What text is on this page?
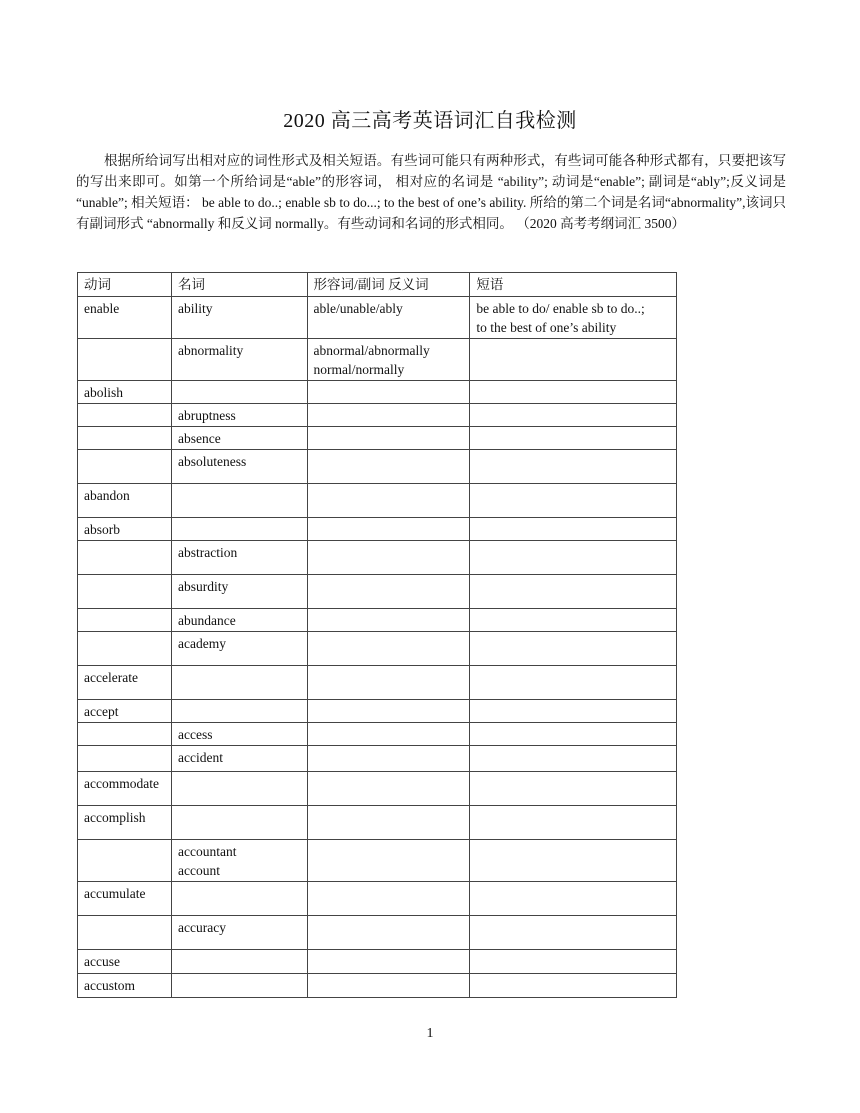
2020 高三高考英语词汇自我检测

根据所给词写出相对应的词性形式及相关短语。有些词可能只有两种形式，有些词可能各种形式都有，只要把该写的写出来即可。如第一个所给词是“able”的形容词， 相对应的名词是 “ability”; 动词是“enable”; 副词是“ably”;反义词是 “unable”; 相关短语： be able to do..; enable sb to do...; to the best of one’s ability. 所给的第二个词是名词“abnormality”,该词只有副词形式 “abnormally 和反义词 normally。有些动词和名词的形式相同。 （2020 高考考纲词汇 3500）

动词	名词	形容词/副词 反义词	短语

enable	ability	able/unable/ably	be able to do/ enable sb to do..;
to the best of one’s ability

	abnormality	abnormal/abnormally
normal/normally	

abolish			

	abruptness		

	absence		

	absoluteness		

abandon			

absorb			

	abstraction		

	absurdity		

	abundance		

	academy		

accelerate			

accept			

	access		

	accident		

accommodate			

accomplish			

	accountant
account		

accumulate			

	accuracy		

accuse			

accustom			

1
